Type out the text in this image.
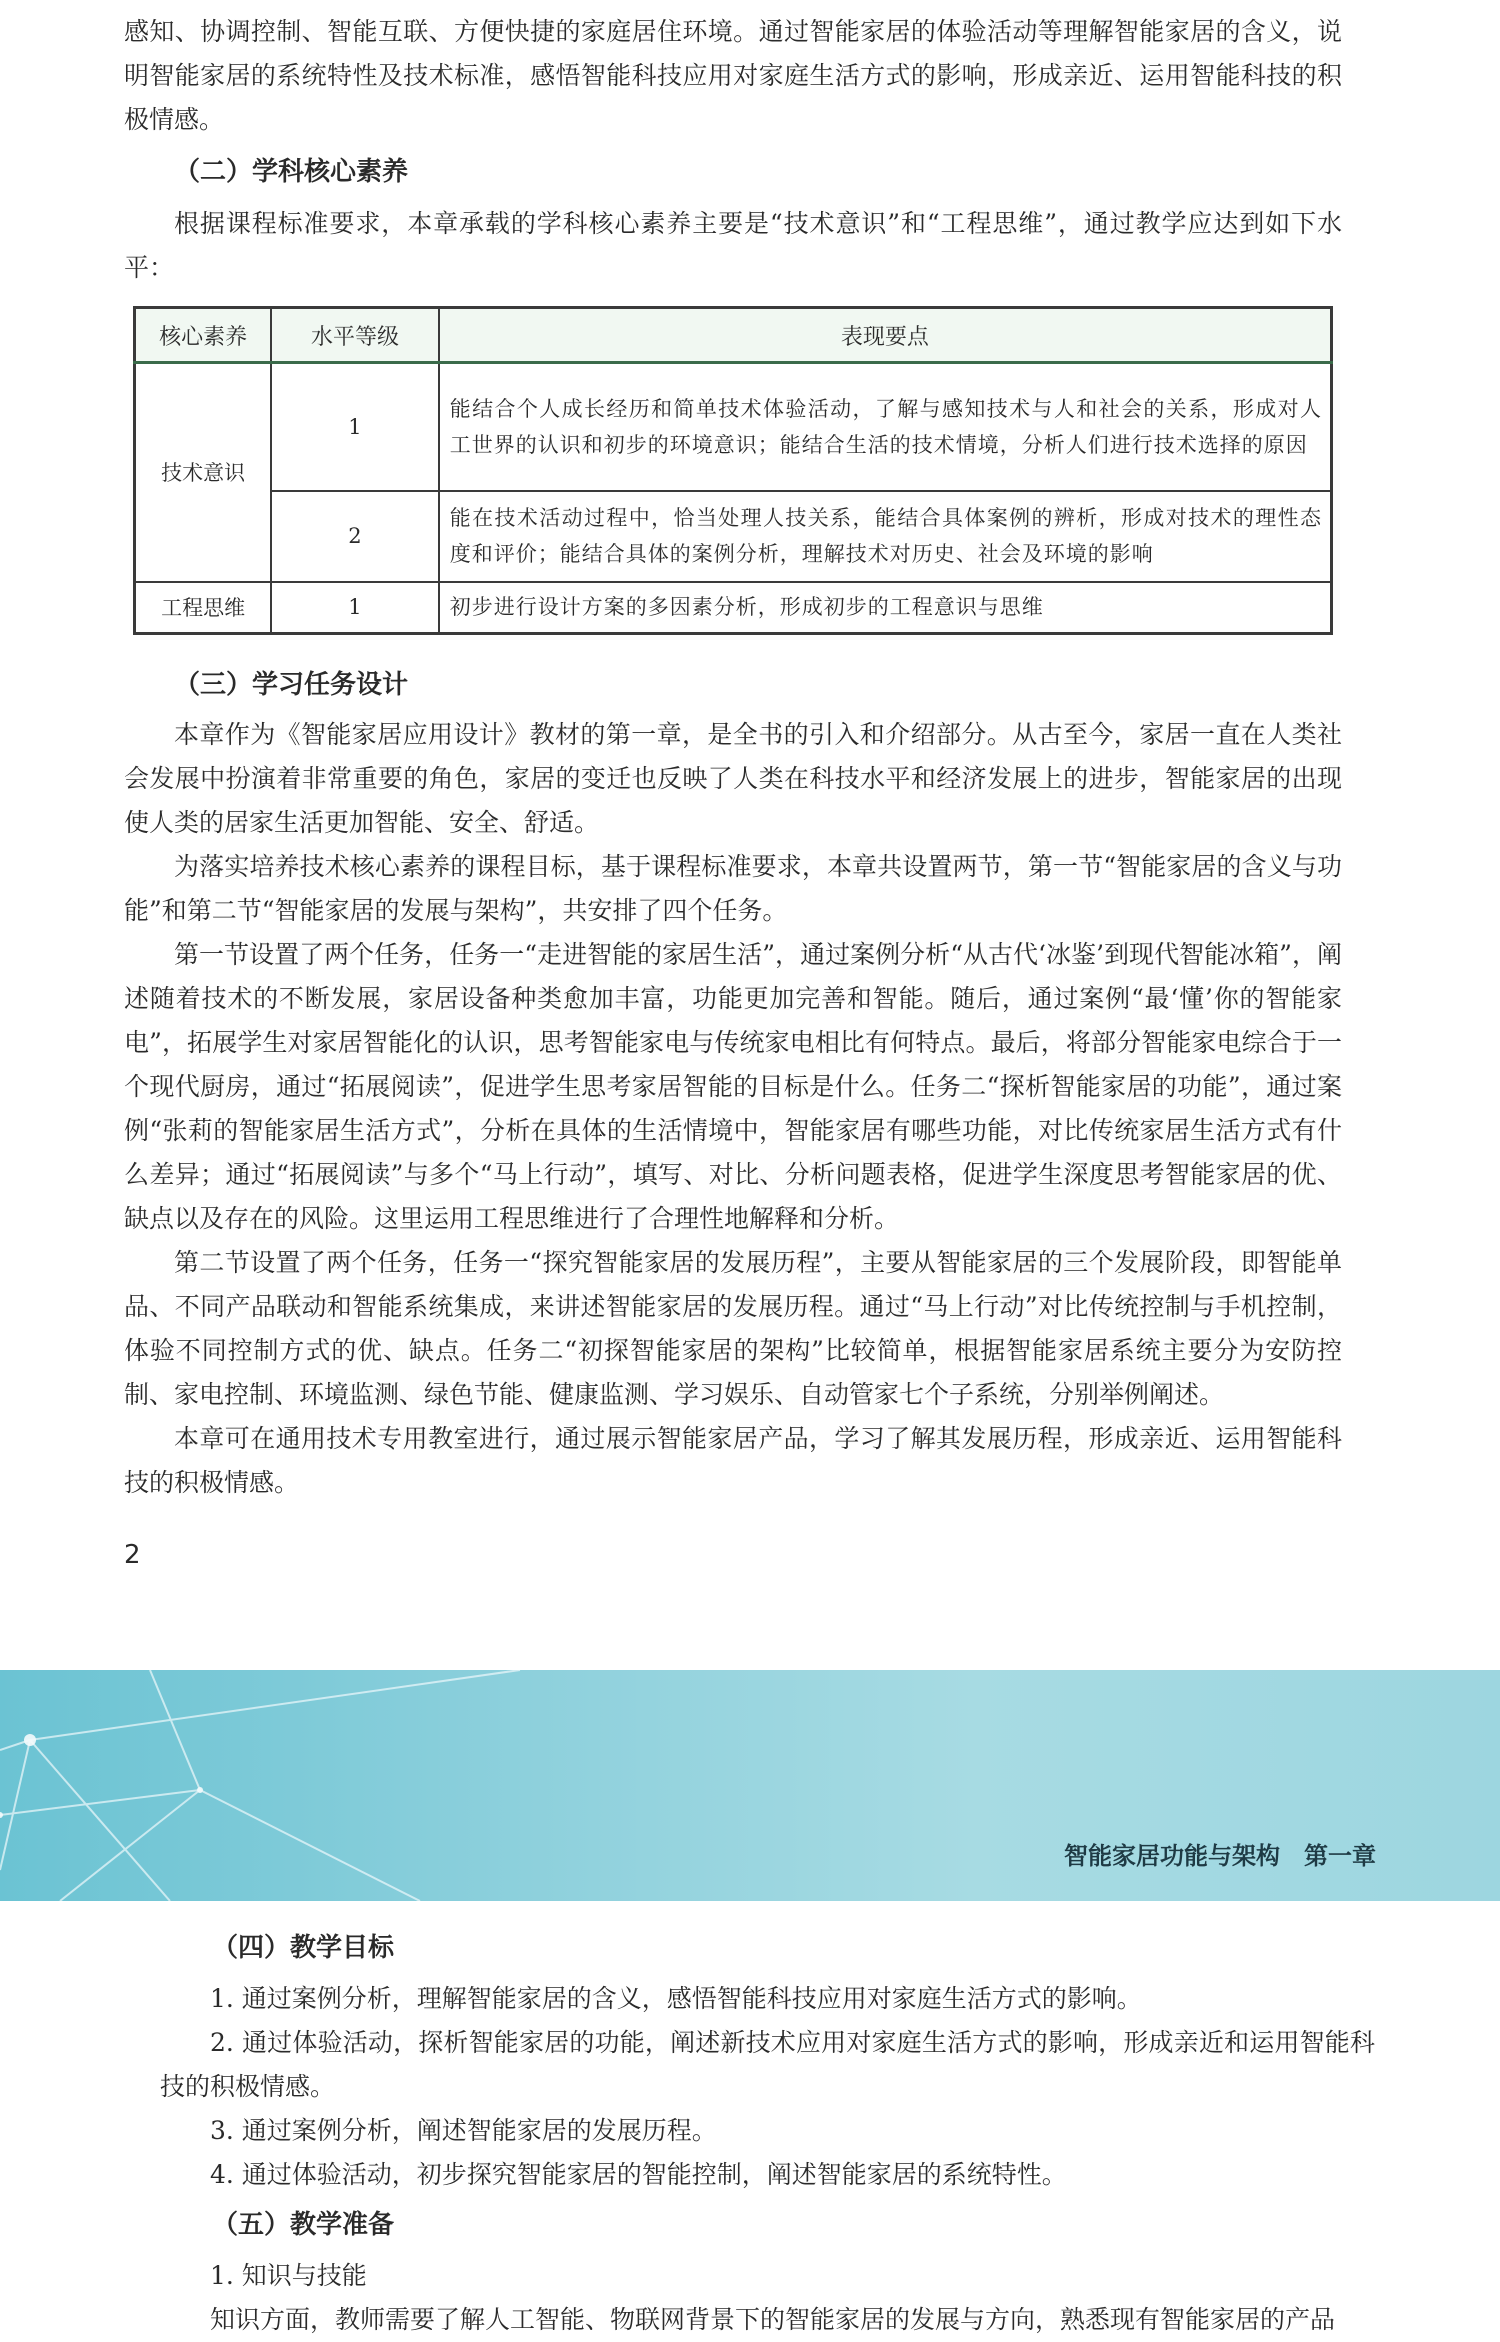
感知、协调控制、智能互联、方便快捷的家庭居住环境。通过智能家居的体验活动等理解智能家居的含义，说明智能家居的系统特性及技术标准，感悟智能科技应用对家庭生活方式的影响，形成亲近、运用智能科技的积极情感。

（二）学科核心素养

根据课程标准要求，本章承载的学科核心素养主要是“技术意识”和“工程思维”，通过教学应达到如下水平：

核心素养	水平等级	表现要点
技术意识	1	能结合个人成长经历和简单技术体验活动，了解与感知技术与人和社会的关系，形成对人工世界的认识和初步的环境意识；能结合生活的技术情境，分析人们进行技术选择的原因
	2	能在技术活动过程中，恰当处理人技关系，能结合具体案例的辨析，形成对技术的理性态度和评价；能结合具体的案例分析，理解技术对历史、社会及环境的影响
工程思维	1	初步进行设计方案的多因素分析，形成初步的工程意识与思维
（三）学习任务设计

本章作为《智能家居应用设计》教材的第一章，是全书的引入和介绍部分。从古至今，家居一直在人类社会发展中扮演着非常重要的角色，家居的变迁也反映了人类在科技水平和经济发展上的进步，智能家居的出现使人类的居家生活更加智能、安全、舒适。

为落实培养技术核心素养的课程目标，基于课程标准要求，本章共设置两节，第一节“智能家居的含义与功能”和第二节“智能家居的发展与架构”，共安排了四个任务。

第一节设置了两个任务，任务一“走进智能的家居生活”，通过案例分析“从古代‘冰鉴’到现代智能冰箱”，阐述随着技术的不断发展，家居设备种类愈加丰富，功能更加完善和智能。随后，通过案例“最‘懂’你的智能家电”，拓展学生对家居智能化的认识，思考智能家电与传统家电相比有何特点。最后，将部分智能家电综合于一个现代厨房，通过“拓展阅读”，促进学生思考家居智能的目标是什么。任务二“探析智能家居的功能”，通过案例“张莉的智能家居生活方式”，分析在具体的生活情境中，智能家居有哪些功能，对比传统家居生活方式有什么差异；通过“拓展阅读”与多个“马上行动”，填写、对比、分析问题表格，促进学生深度思考智能家居的优、缺点以及存在的风险。这里运用工程思维进行了合理性地解释和分析。

第二节设置了两个任务，任务一“探究智能家居的发展历程”，主要从智能家居的三个发展阶段，即智能单品、不同产品联动和智能系统集成，来讲述智能家居的发展历程。通过“马上行动”对比传统控制与手机控制，体验不同控制方式的优、缺点。任务二“初探智能家居的架构”比较简单，根据智能家居系统主要分为安防控制、家电控制、环境监测、绿色节能、健康监测、学习娱乐、自动管家七个子系统，分别举例阐述。

本章可在通用技术专用教室进行，通过展示智能家居产品，学习了解其发展历程，形成亲近、运用智能科技的积极情感。

2
智能家居功能与架构　第一章
（四）教学目标

1. 通过案例分析，理解智能家居的含义，感悟智能科技应用对家庭生活方式的影响。

2. 通过体验活动，探析智能家居的功能，阐述新技术应用对家庭生活方式的影响，形成亲近和运用智能科技的积极情感。

3. 通过案例分析，阐述智能家居的发展历程。

4. 通过体验活动，初步探究智能家居的智能控制，阐述智能家居的系统特性。

（五）教学准备

1. 知识与技能

知识方面，教师需要了解人工智能、物联网背景下的智能家居的发展与方向，熟悉现有智能家居的产品
